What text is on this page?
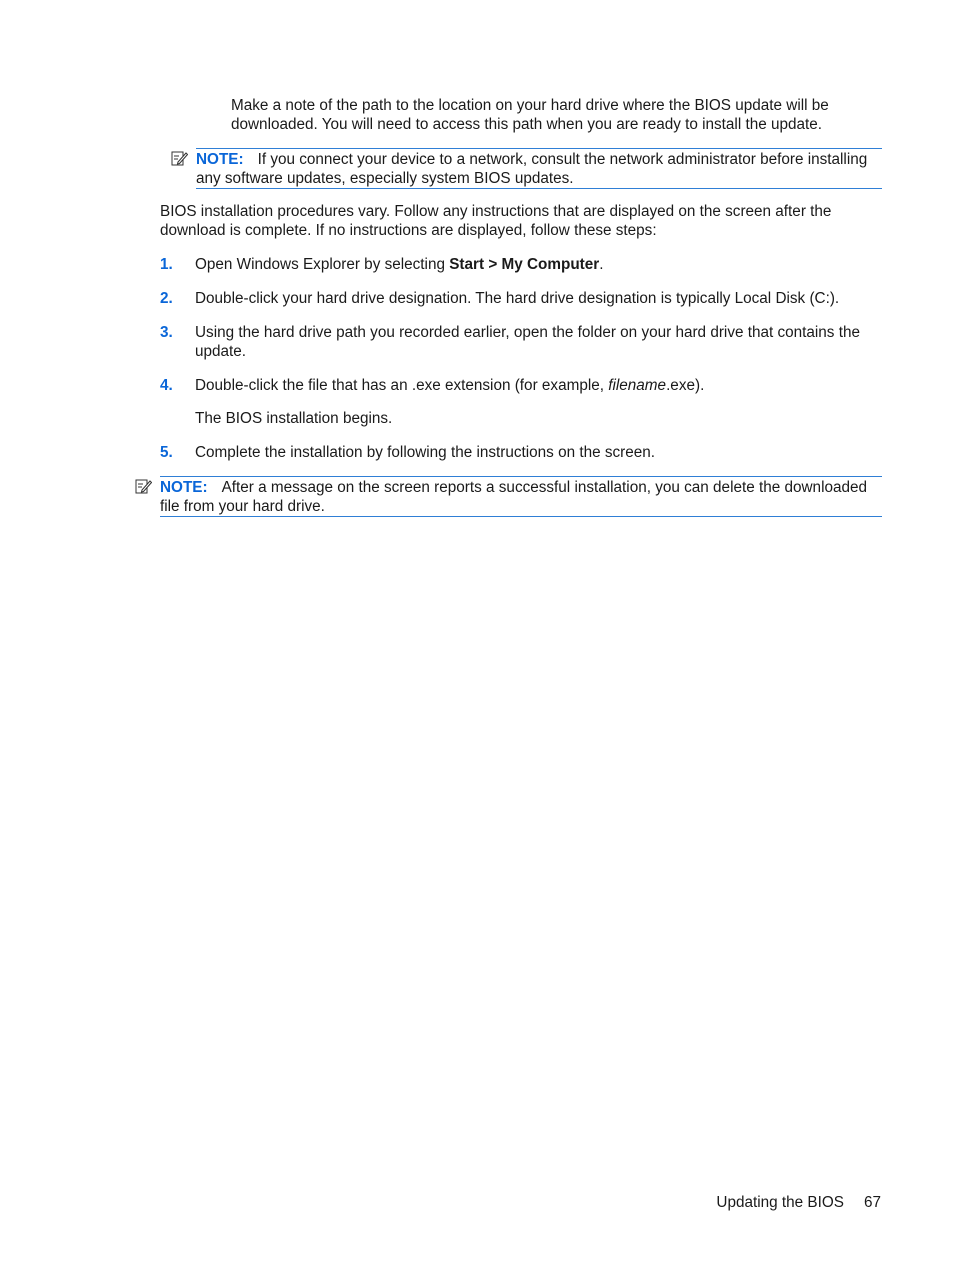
Make a note of the path to the location on your hard drive where the BIOS update will be downloaded. You will need to access this path when you are ready to install the update.

NOTE: If you connect your device to a network, consult the network administrator before installing any software updates, especially system BIOS updates.

BIOS installation procedures vary. Follow any instructions that are displayed on the screen after the download is complete. If no instructions are displayed, follow these steps:

1. Open Windows Explorer by selecting Start > My Computer.
2. Double-click your hard drive designation. The hard drive designation is typically Local Disk (C:).
3. Using the hard drive path you recorded earlier, open the folder on your hard drive that contains the update.
4. Double-click the file that has an .exe extension (for example, filename.exe).
The BIOS installation begins.
5. Complete the installation by following the instructions on the screen.
NOTE: After a message on the screen reports a successful installation, you can delete the downloaded file from your hard drive.
Updating the BIOS 67
